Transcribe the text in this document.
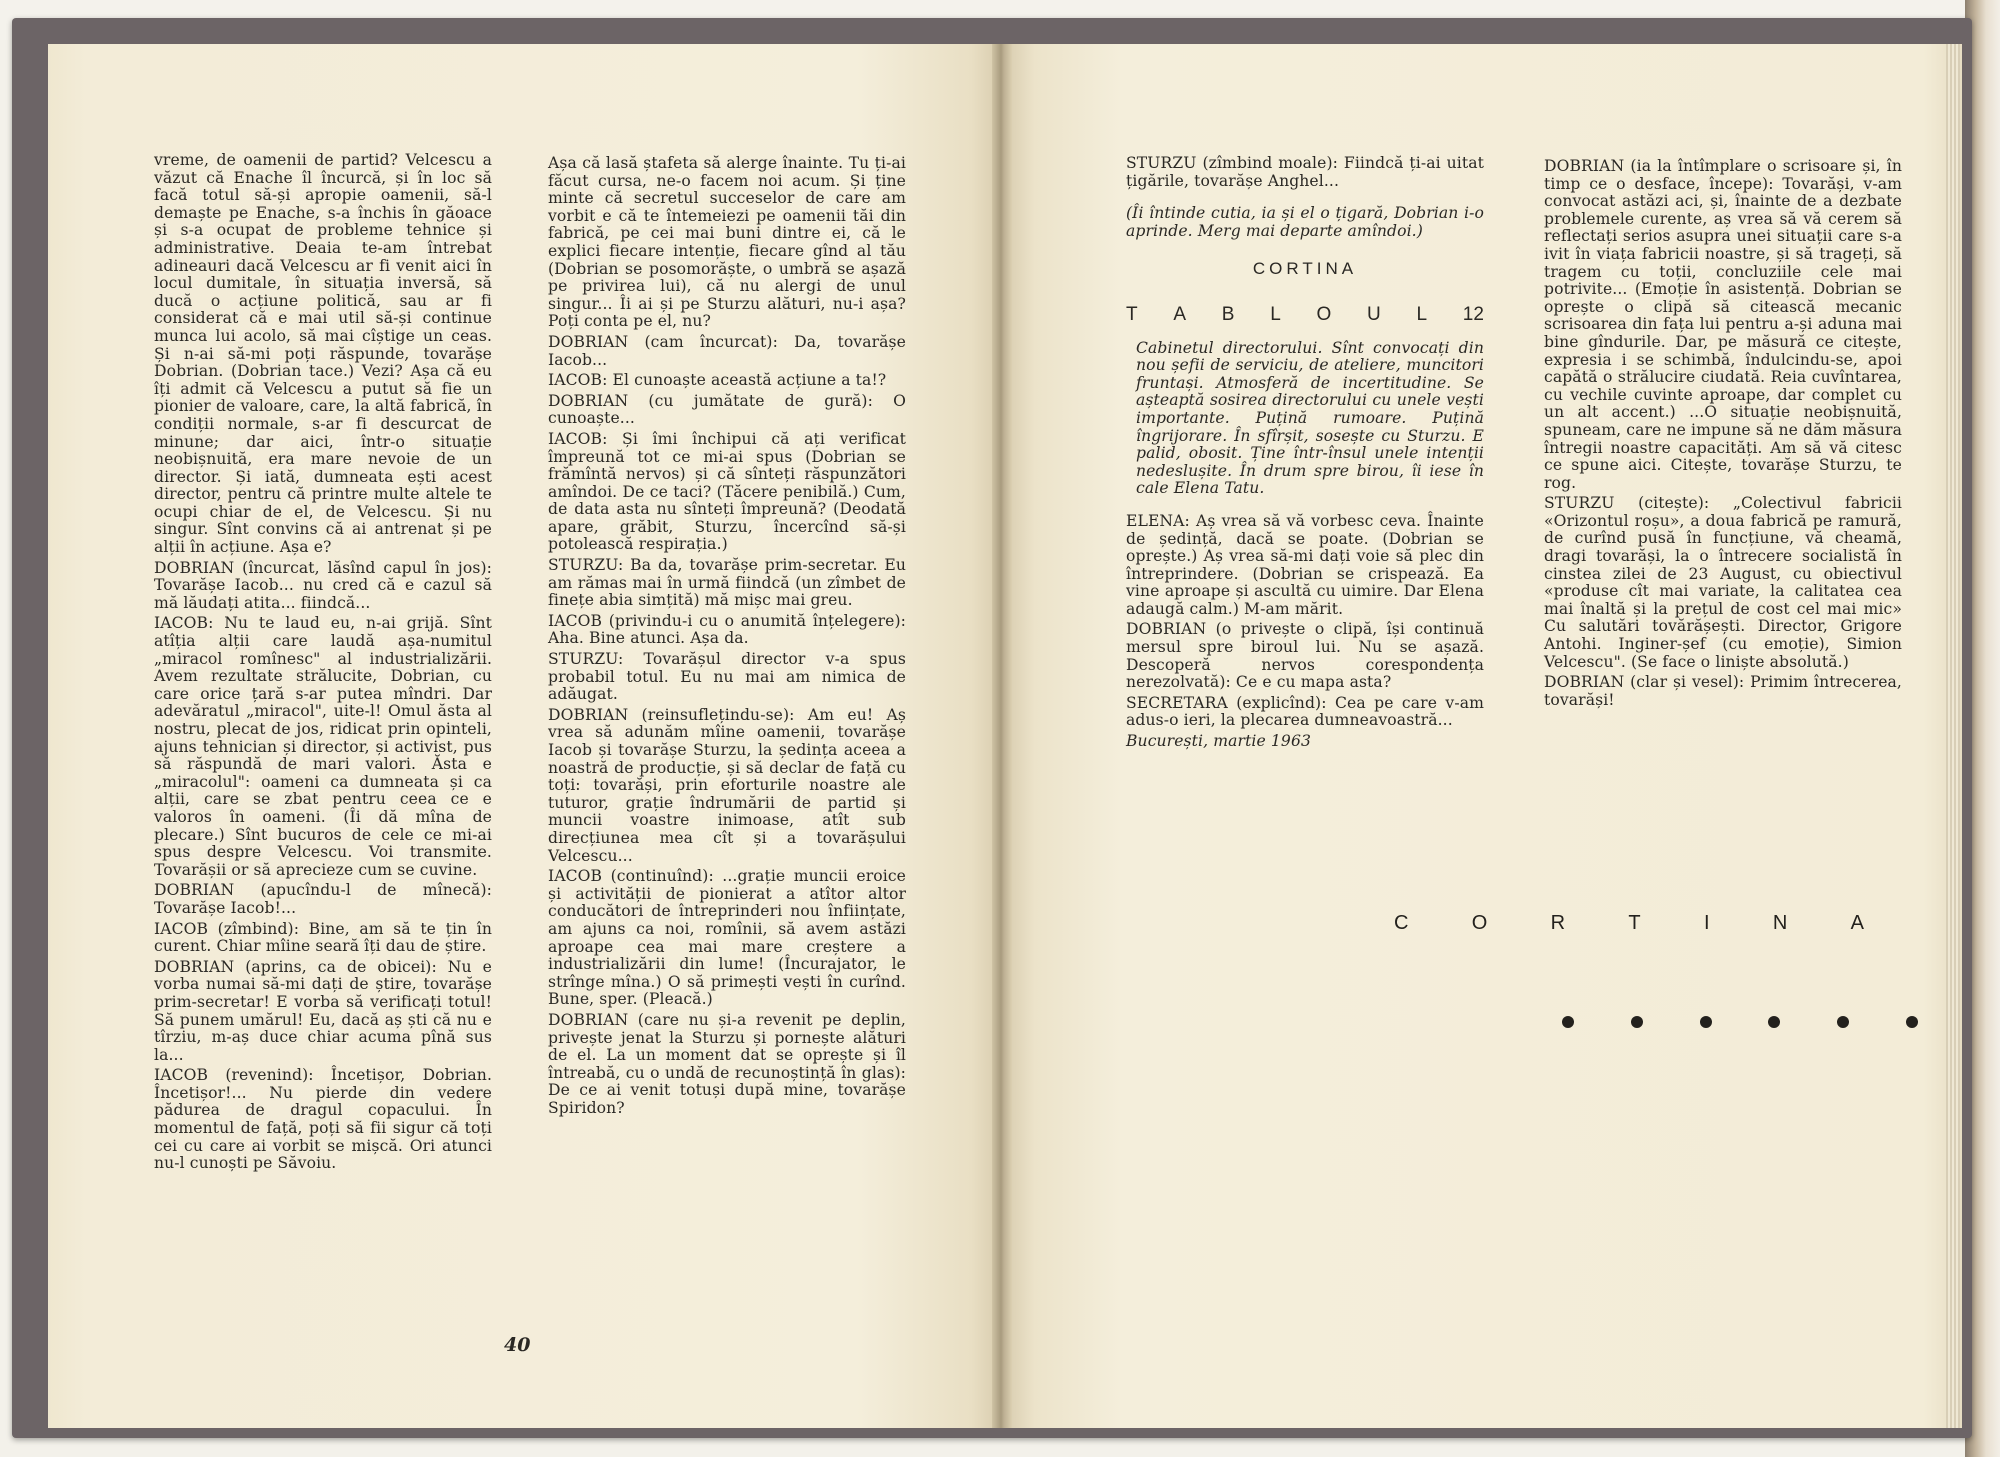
vreme, de oamenii de partid? Velcescu a văzut că Enache îl încurcă, și în loc să facă totul să-și apropie oamenii, să-l demaște pe Enache, s-a închis în găoace și s-a ocupat de probleme tehnice și administrative. Deaia te-am întrebat adineauri dacă Velcescu ar fi venit aici în locul dumitale, în situația inversă, să ducă o acțiune politică, sau ar fi considerat că e mai util să-și continue munca lui acolo, să mai cîștige un ceas. Și n-ai să-mi poți răspunde, tovarășe Dobrian. (Dobrian tace.) Vezi? Așa că eu îți admit că Velcescu a putut să fie un pionier de valoare, care, la altă fabrică, în condiții normale, s-ar fi descurcat de minune; dar aici, într-o situație neobișnuită, era mare nevoie de un director. Și iată, dumneata ești acest director, pentru că printre multe altele te ocupi chiar de el, de Velcescu. Și nu singur. Sînt convins că ai antrenat și pe alții în acțiune. Așa e?

DOBRIAN (încurcat, lăsînd capul în jos): Tovarășe Iacob... nu cred că e cazul să mă lăudați atita... fiindcă...

IACOB: Nu te laud eu, n-ai grijă. Sînt atîția alții care laudă așa-numitul „miracol romînesc" al industrializării. Avem rezultate strălucite, Dobrian, cu care orice țară s-ar putea mîndri. Dar adevăratul „miracol", uite-l! Omul ăsta al nostru, plecat de jos, ridicat prin opinteli, ajuns tehnician și director, și activist, pus să răspundă de mari valori. Ăsta e „miracolul": oameni ca dumneata și ca alții, care se zbat pentru ceea ce e valoros în oameni. (Îi dă mîna de plecare.) Sînt bucuros de cele ce mi-ai spus despre Velcescu. Voi transmite. Tovarășii or să aprecieze cum se cuvine.

DOBRIAN (apucîndu-l de mînecă): Tovarășe Iacob!...

IACOB (zîmbind): Bine, am să te țin în curent. Chiar mîine seară îți dau de știre.

DOBRIAN (aprins, ca de obicei): Nu e vorba numai să-mi dați de știre, tovarășe prim-secretar! E vorba să verificați totul! Să punem umărul! Eu, dacă aș ști că nu e tîrziu, m-aș duce chiar acuma pînă sus la...

IACOB (revenind): Încetișor, Dobrian. Încetișor!... Nu pierde din vedere pădurea de dragul copacului. În momentul de față, poți să fii sigur că toți cei cu care ai vorbit se mișcă. Ori atunci nu-l cunoști pe Săvoiu.

Așa că lasă ștafeta să alerge înainte. Tu ți-ai făcut cursa, ne-o facem noi acum. Și ține minte că secretul succeselor de care am vorbit e că te întemeiezi pe oamenii tăi din fabrică, pe cei mai buni dintre ei, că le explici fiecare intenție, fiecare gînd al tău (Dobrian se posomorăște, o umbră se așază pe privirea lui), că nu alergi de unul singur... Îi ai și pe Sturzu alături, nu-i așa? Poți conta pe el, nu?

DOBRIAN (cam încurcat): Da, tovarășe Iacob...

IACOB: El cunoaște această acțiune a ta!?

DOBRIAN (cu jumătate de gură): O cunoaște...

IACOB: Și îmi închipui că ați verificat împreună tot ce mi-ai spus (Dobrian se frămîntă nervos) și că sînteți răspunzători amîndoi. De ce taci? (Tăcere penibilă.) Cum, de data asta nu sînteți împreună? (Deodată apare, grăbit, Sturzu, încercînd să-și potolească respirația.)

STURZU: Ba da, tovarășe prim-secretar. Eu am rămas mai în urmă fiindcă (un zîmbet de finețe abia simțită) mă mișc mai greu.

IACOB (privindu-i cu o anumită înțelegere): Aha. Bine atunci. Așa da.

STURZU: Tovarășul director v-a spus probabil totul. Eu nu mai am nimica de adăugat.

DOBRIAN (reinsuflețindu-se): Am eu! Aș vrea să adunăm mîine oamenii, tovarășe Iacob și tovarășe Sturzu, la ședința aceea a noastră de producție, și să declar de față cu toți: tovarăși, prin eforturile noastre ale tuturor, grație îndrumării de partid și muncii voastre inimoase, atît sub direcțiunea mea cît și a tovarășului Velcescu...

IACOB (continuînd): ...grație muncii eroice și activității de pionierat a atîtor altor conducători de întreprinderi nou înființate, am ajuns ca noi, romînii, să avem astăzi aproape cea mai mare creștere a industrializării din lume! (Încurajator, le strînge mîna.) O să primești vești în curînd. Bune, sper. (Pleacă.)

DOBRIAN (care nu și-a revenit pe deplin, privește jenat la Sturzu și pornește alături de el. La un moment dat se oprește și îl întreabă, cu o undă de recunoștință în glas): De ce ai venit totuși după mine, tovarășe Spiridon?

40

STURZU (zîmbind moale): Fiindcă ți-ai uitat țigările, tovarășe Anghel...

(Îi întinde cutia, ia și el o țigară, Dobrian i-o aprinde. Merg mai departe amîndoi.)

CORTINA
T A B L O U L 12

Cabinetul directorului. Sînt convocați din nou șefii de serviciu, de ateliere, muncitori fruntași. Atmosferă de incertitudine. Se așteaptă sosirea directorului cu unele vești importante. Puțină rumoare. Puțină îngrijorare. În sfîrșit, sosește cu Sturzu. E palid, obosit. Ține într-însul unele intenții nedeslușite. În drum spre birou, îi iese în cale Elena Tatu.

ELENA: Aș vrea să vă vorbesc ceva. Înainte de ședință, dacă se poate. (Dobrian se oprește.) Aș vrea să-mi dați voie să plec din întreprindere. (Dobrian se crispează. Ea vine aproape și ascultă cu uimire. Dar Elena adaugă calm.) M-am mărit.

DOBRIAN (o privește o clipă, își continuă mersul spre biroul lui. Nu se așază. Descoperă nervos corespondența nerezolvată): Ce e cu mapa asta?

SECRETARA (explicînd): Cea pe care v-am adus-o ieri, la plecarea dumneavoastră...

București, martie 1963

DOBRIAN (ia la întîmplare o scrisoare și, în timp ce o desface, începe): Tovarăși, v-am convocat astăzi aci, și, înainte de a dezbate problemele curente, aș vrea să vă cerem să reflectați serios asupra unei situații care s-a ivit în viața fabricii noastre, și să trageți, să tragem cu toții, concluziile cele mai potrivite... (Emoție în asistență. Dobrian se oprește o clipă să citească mecanic scrisoarea din fața lui pentru a-și aduna mai bine gîndurile. Dar, pe măsură ce citește, expresia i se schimbă, îndulcindu-se, apoi capătă o strălucire ciudată. Reia cuvîntarea, cu vechile cuvinte aproape, dar complet cu un alt accent.) ...O situație neobișnuită, spuneam, care ne impune să ne dăm măsura întregii noastre capacități. Am să vă citesc ce spune aici. Citește, tovarășe Sturzu, te rog.

STURZU (citește): „Colectivul fabricii «Orizontul roșu», a doua fabrică pe ramură, de curînd pusă în funcțiune, vă cheamă, dragi tovarăși, la o întrecere socialistă în cinstea zilei de 23 August, cu obiectivul «produse cît mai variate, la calitatea cea mai înaltă și la prețul de cost cel mai mic» Cu salutări tovărășești. Director, Grigore Antohi. Inginer-șef (cu emoție), Simion Velcescu". (Se face o liniște absolută.)

DOBRIAN (clar și vesel): Primim întrecerea, tovarăși!

C	O	R	T	I	N	A
